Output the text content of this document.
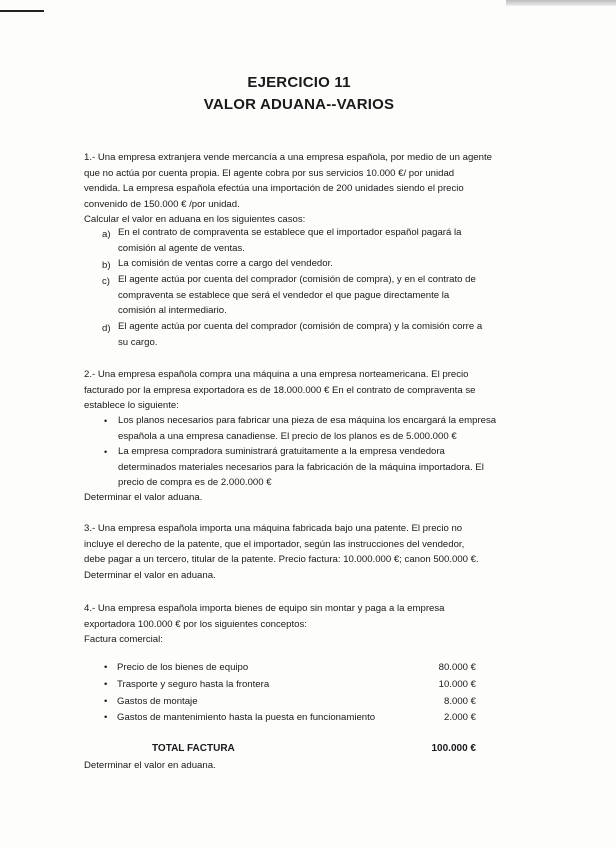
EJERCICIO 11
VALOR ADUANA--VARIOS
1.- Una empresa extranjera vende mercancía a una empresa española, por medio de un agente
que no actúa por cuenta propia. El agente cobra por sus servicios 10.000 €/ por unidad
vendida. La empresa española efectúa una importación de 200 unidades siendo el precio
convenido de 150.000 € /por unidad.
Calcular el valor en aduana en los siguientes casos:
a) En el contrato de compraventa se establece que el importador español pagará la
comisión al agente de ventas.
b) La comisión de ventas corre a cargo del vendedor.
c) El agente actúa por cuenta del comprador (comisión de compra), y en el contrato de
compraventa se establece que será el vendedor el que pague directamente la
comisión al intermediario.
d) El agente actúa por cuenta del comprador (comisión de compra) y la comisión corre a
su cargo.
2.- Una empresa española compra una máquina a una empresa norteamericana. El precio
facturado por la empresa exportadora es de 18.000.000 € En el contrato de compraventa se
establece lo siguiente:
• Los planos necesarios para fabricar una pieza de esa máquina los encargará la empresa
española a una empresa canadiense. El precio de los planos es de 5.000.000 €
• La empresa compradora suministrará gratuitamente a la empresa vendedora
determinados materiales necesarios para la fabricación de la máquina importadora. El
precio de compra es de 2.000.000 €
Determinar el valor aduana.
3.- Una empresa española importa una máquina fabricada bajo una patente. El precio no
incluye el derecho de la patente, que el importador, según las instrucciones del vendedor,
debe pagar a un tercero, titular de la patente. Precio factura: 10.000.000 €; canon 500.000 €.
Determinar el valor en aduana.
4.- Una empresa española importa bienes de equipo sin montar y paga a la empresa
exportadora 100.000 € por los siguientes conceptos:
Factura comercial:
• Precio de los bienes de equipo	80.000 €
• Trasporte y seguro hasta la frontera	10.000 €
• Gastos de montaje	8.000 €
• Gastos de mantenimiento hasta la puesta en funcionamiento	2.000 €
TOTAL FACTURA	100.000 €
Determinar el valor en aduana.
